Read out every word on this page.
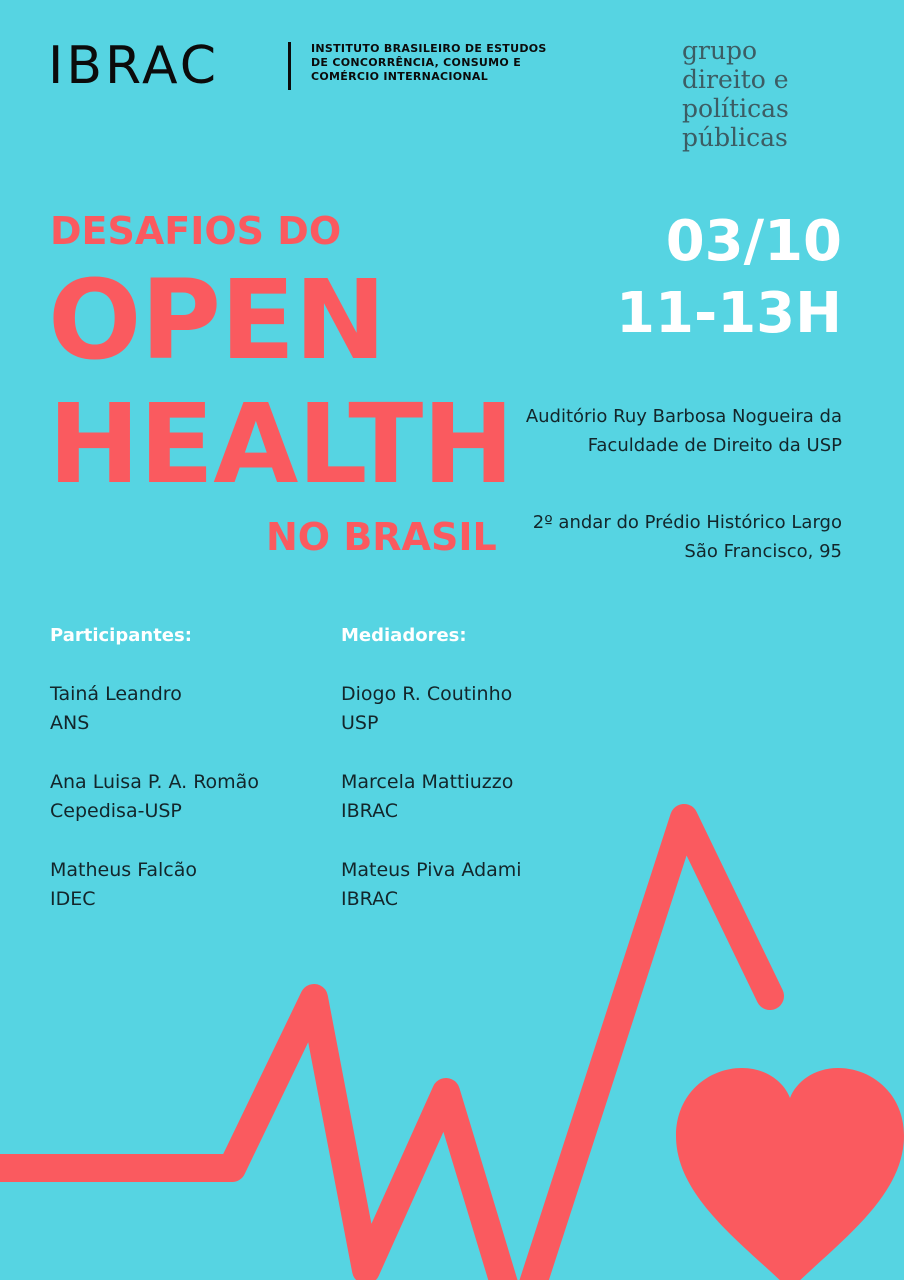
IBRAC	INSTITUTO BRASILEIRO DE ESTUDOS DE CONCORRÊNCIA, CONSUMO E COMÉRCIO INTERNACIONAL
grupo
direito e
políticas
públicas
DESAFIOS DO
OPEN
HEALTH
NO BRASIL
03/10
11-13H
Auditório Ruy Barbosa Nogueira da Faculdade de Direito da USP
2º andar do Prédio Histórico Largo São Francisco, 95
Participantes:
Tainá Leandro
ANS
Ana Luisa P. A. Romão
Cepedisa-USP
Matheus Falcão
IDEC
Mediadores:
Diogo R. Coutinho
USP
Marcela Mattiuzzo
IBRAC
Mateus Piva Adami
IBRAC
